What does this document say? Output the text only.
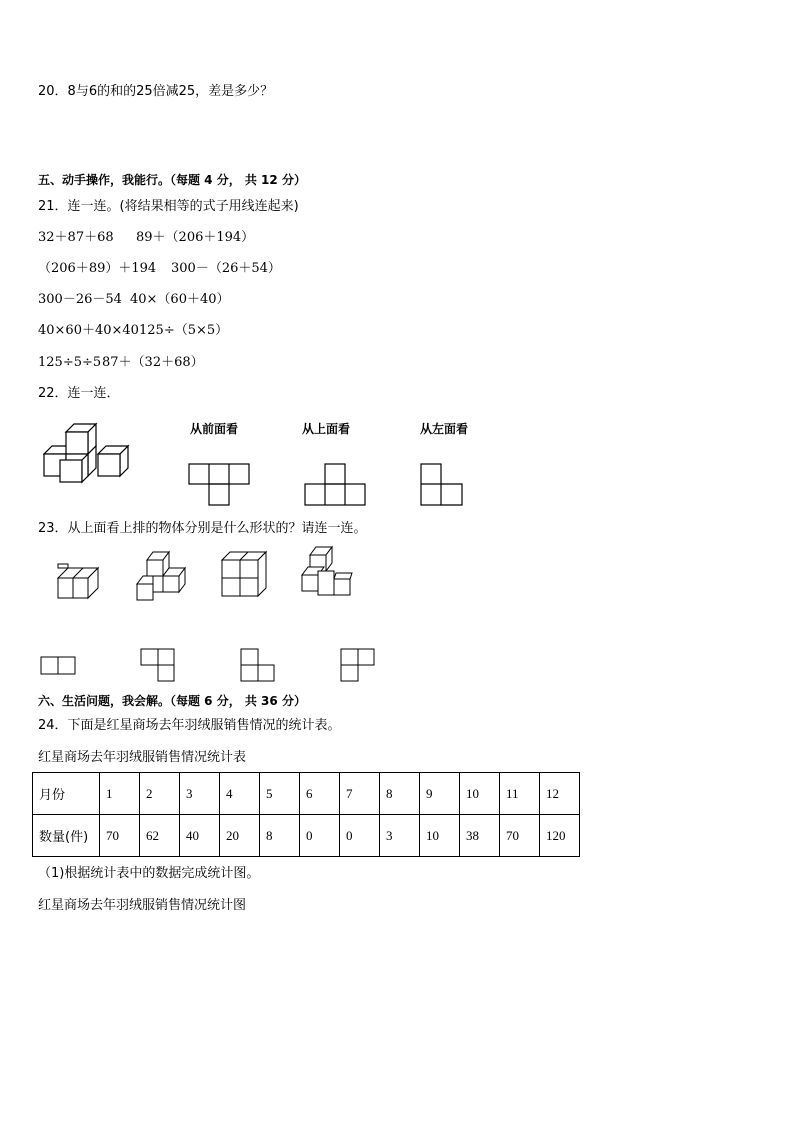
20．8与6的和的25倍减25，差是多少？
五、动手操作，我能行。（每题 4 分， 共 12 分）
21．连一连。(将结果相等的式子用线连起来)
32＋87＋68 89＋（206＋194）
（206＋89）＋194 300－（26＋54）
300－26－54 40×（60＋40）
40×60＋40×40 125÷（5×5）
125÷5÷5 87＋（32＋68）
22．连一连．
从前面看	从上面看	从左面看
23．从上面看上排的物体分别是什么形状的？请连一连。
六、生活问题，我会解。（每题 6 分， 共 36 分）
24．下面是红星商场去年羽绒服销售情况的统计表。
红星商场去年羽绒服销售情况统计表
月份	1	2	3	4	5	6	7	8	9	10	11	12
数量(件)	70	62	40	20	8	0	0	3	10	38	70	120
（1)根据统计表中的数据完成统计图。
红星商场去年羽绒服销售情况统计图
